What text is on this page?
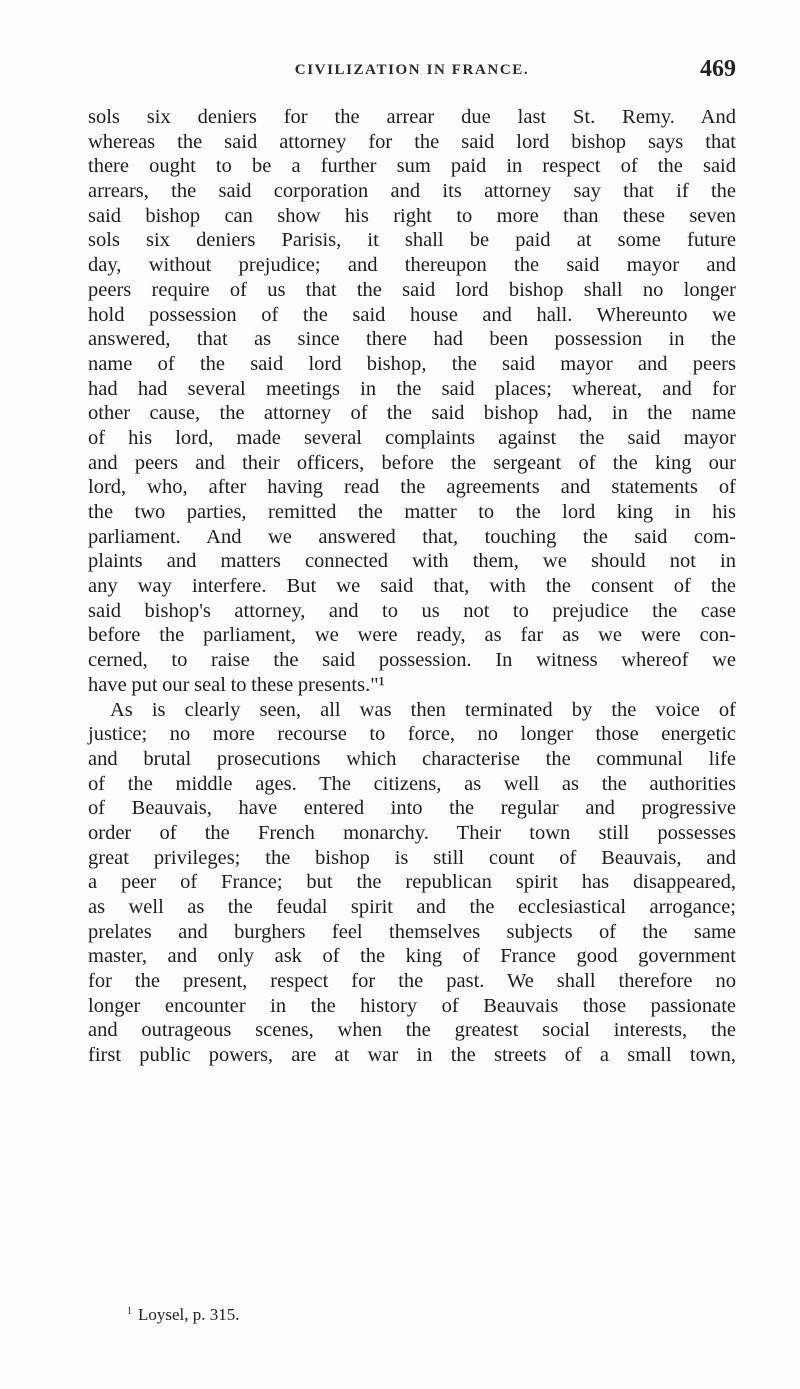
CIVILIZATION IN FRANCE.	469
sols six deniers for the arrear due last St. Remy. And
whereas the said attorney for the said lord bishop says that
there ought to be a further sum paid in respect of the said
arrears, the said corporation and its attorney say that if the
said bishop can show his right to more than these seven
sols six deniers Parisis, it shall be paid at some future
day, without prejudice; and thereupon the said mayor and
peers require of us that the said lord bishop shall no longer
hold possession of the said house and hall. Whereunto we
answered, that as since there had been possession in the
name of the said lord bishop, the said mayor and peers
had had several meetings in the said places; whereat, and for
other cause, the attorney of the said bishop had, in the name
of his lord, made several complaints against the said mayor
and peers and their officers, before the sergeant of the king our
lord, who, after having read the agreements and statements of
the two parties, remitted the matter to the lord king in his
parliament. And we answered that, touching the said com-
plaints and matters connected with them, we should not in
any way interfere. But we said that, with the consent of the
said bishop's attorney, and to us not to prejudice the case
before the parliament, we were ready, as far as we were con-
cerned, to raise the said possession. In witness whereof we
have put our seal to these presents."¹
As is clearly seen, all was then terminated by the voice of
justice; no more recourse to force, no longer those energetic
and brutal prosecutions which characterise the communal life
of the middle ages. The citizens, as well as the authorities
of Beauvais, have entered into the regular and progressive
order of the French monarchy. Their town still possesses
great privileges; the bishop is still count of Beauvais, and
a peer of France; but the republican spirit has disappeared,
as well as the feudal spirit and the ecclesiastical arrogance;
prelates and burghers feel themselves subjects of the same
master, and only ask of the king of France good government
for the present, respect for the past. We shall therefore no
longer encounter in the history of Beauvais those passionate
and outrageous scenes, when the greatest social interests, the
first public powers, are at war in the streets of a small town,
$^1$ Loysel, p. 315.
